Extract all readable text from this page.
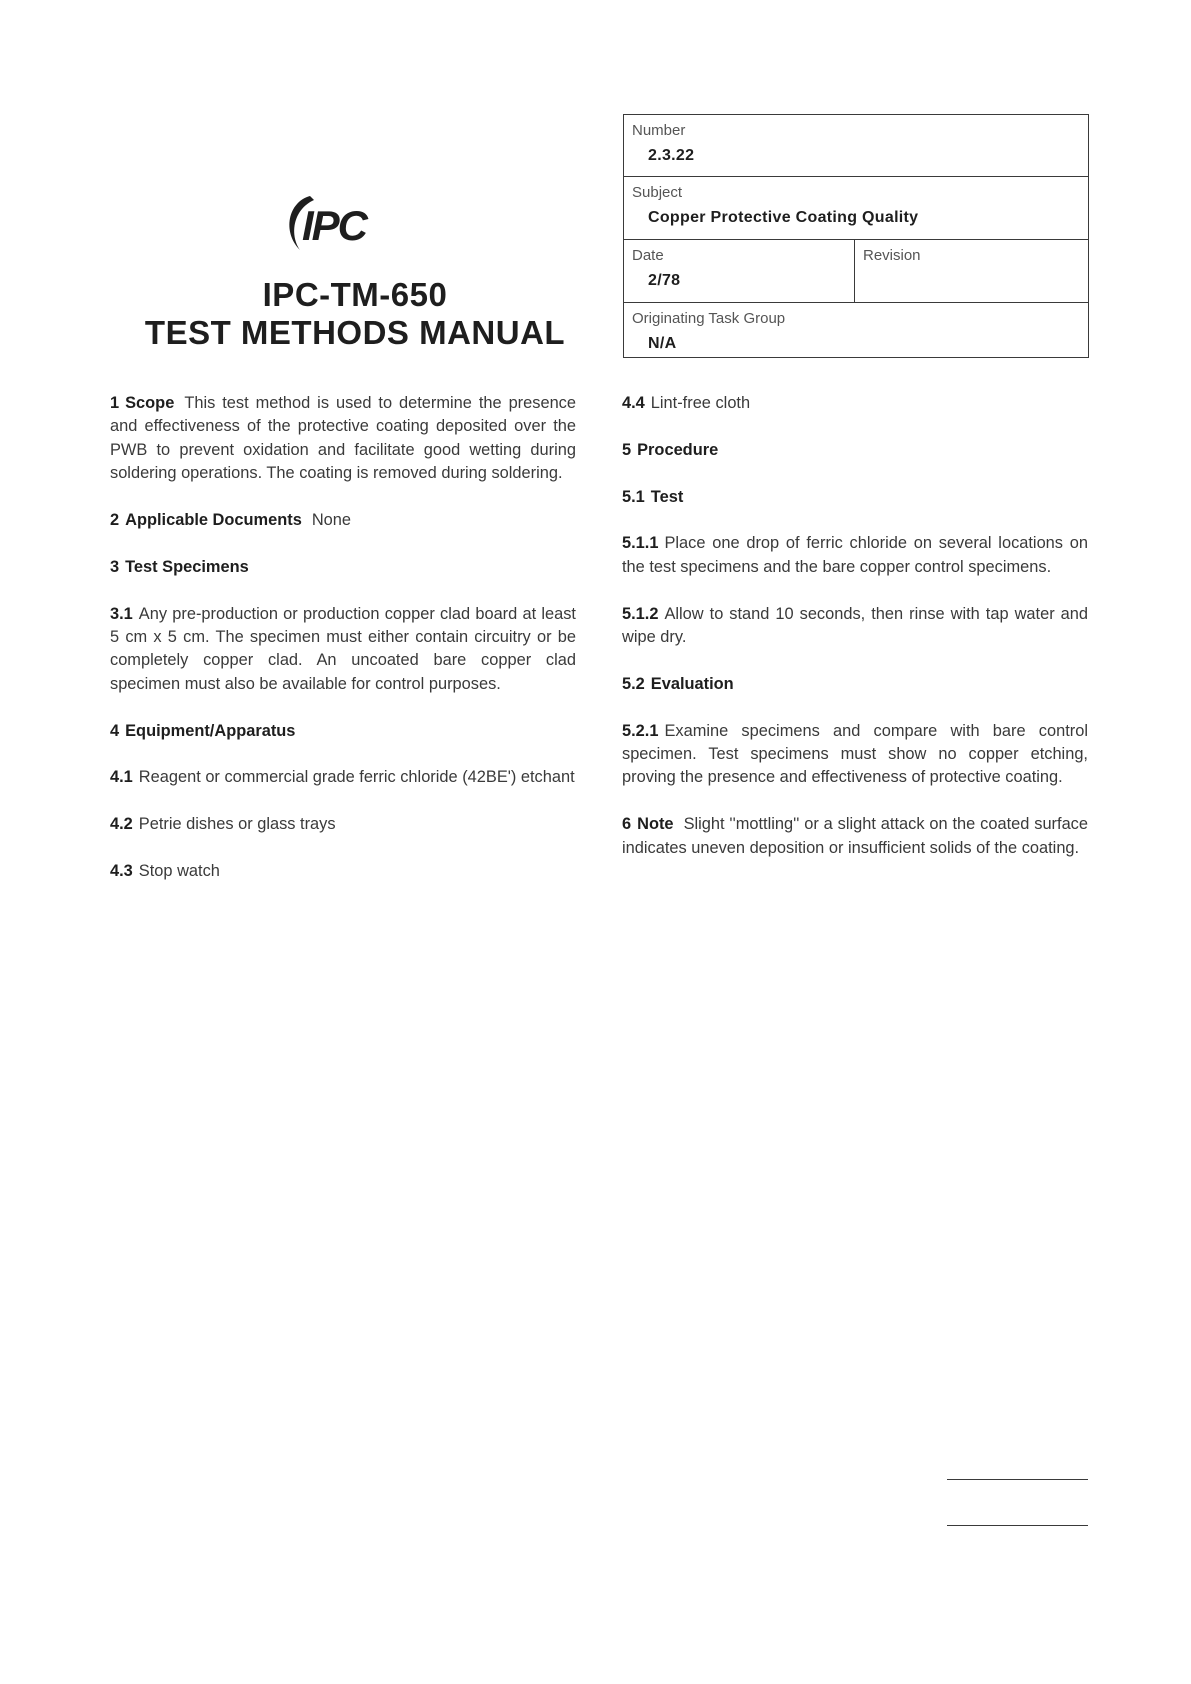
IPC
IPC-TM-650
TEST METHODS MANUAL
Number
2.3.22
Subject
Copper Protective Coating Quality
Date
2/78
Revision
Originating Task Group
N/A

1 Scope This test method is used to determine the presence and effectiveness of the protective coating deposited over the PWB to prevent oxidation and facilitate good wetting during soldering operations. The coating is removed during soldering.

2 Applicable Documents None

3 Test Specimens

3.1 Any pre-production or production copper clad board at least 5 cm x 5 cm. The specimen must either contain circuitry or be completely copper clad. An uncoated bare copper clad specimen must also be available for control purposes.

4 Equipment/Apparatus

4.1 Reagent or commercial grade ferric chloride (42BE') etchant

4.2 Petrie dishes or glass trays

4.3 Stop watch

4.4 Lint-free cloth

5 Procedure

5.1 Test

5.1.1 Place one drop of ferric chloride on several locations on the test specimens and the bare copper control specimens.

5.1.2 Allow to stand 10 seconds, then rinse with tap water and wipe dry.

5.2 Evaluation

5.2.1 Examine specimens and compare with bare control specimen. Test specimens must show no copper etching, proving the presence and effectiveness of protective coating.

6 Note Slight ''mottling'' or a slight attack on the coated surface indicates uneven deposition or insufficient solids of the coating.
